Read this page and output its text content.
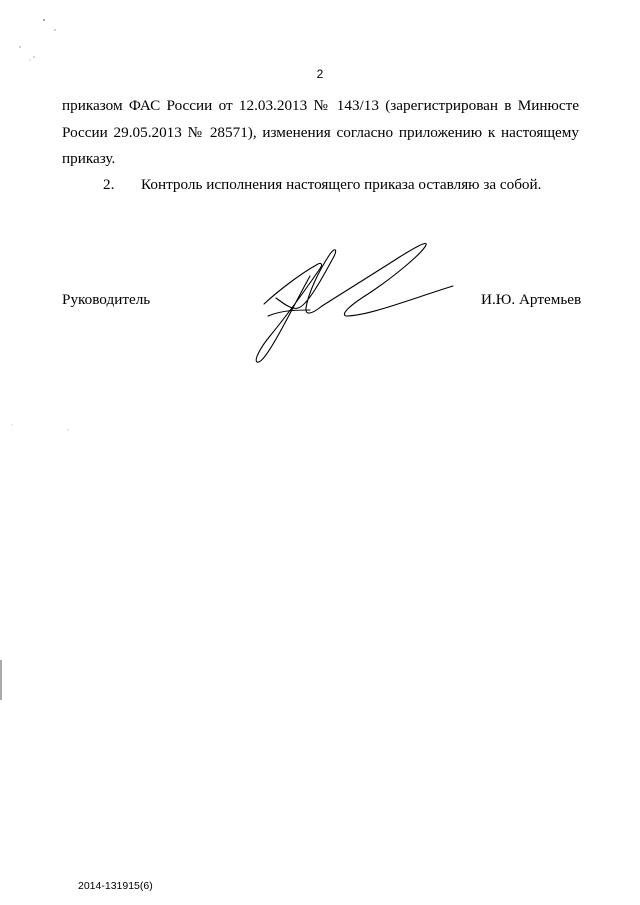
2
приказом ФАС России от 12.03.2013 № 143/13 (зарегистрирован в Минюсте
России 29.05.2013 № 28571), изменения согласно приложению к настоящему
приказу.
2. Контроль исполнения настоящего приказа оставляю за собой.
Руководитель	И.Ю. Артемьев
2014-131915(6)
